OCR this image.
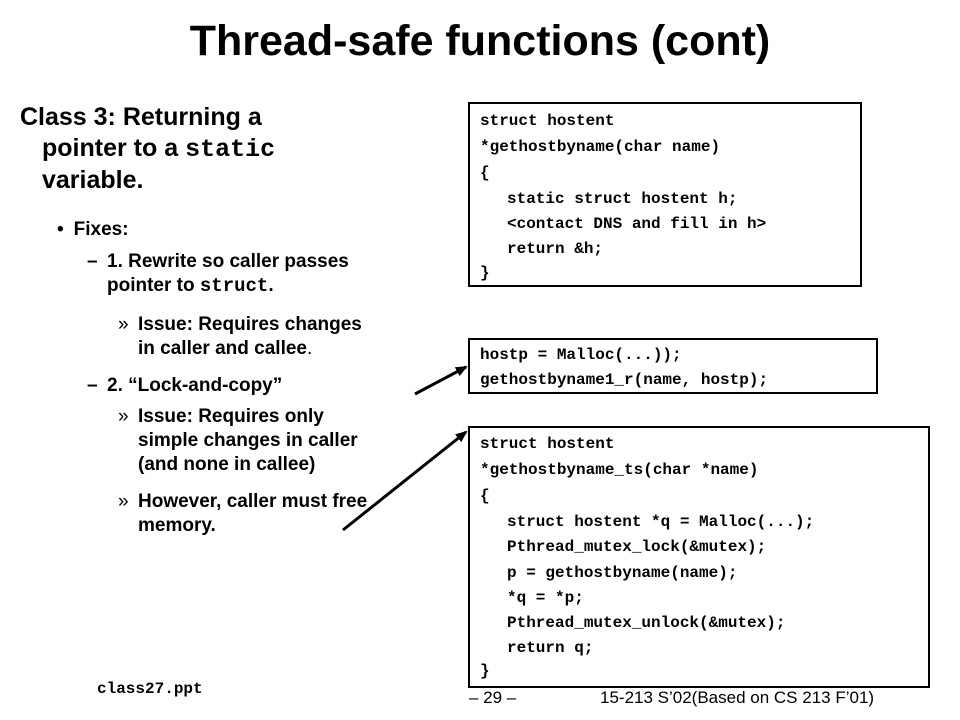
Thread-safe functions (cont)
Class 3: Returning a
pointer to a static
variable.
• Fixes:
– 1. Rewrite so caller passes
pointer to struct.
» Issue: Requires changes
in caller and callee.
– 2. “Lock-and-copy”
» Issue: Requires only
simple changes in caller
(and none in callee)
» However, caller must free
memory.
struct hostent
*gethostbyname(char name)
{
static struct hostent h;
<contact DNS and fill in h>
return &h;
}
hostp = Malloc(...));
gethostbyname1_r(name, hostp);
struct hostent
*gethostbyname_ts(char *name)
{
struct hostent *q = Malloc(...);
Pthread_mutex_lock(&mutex);
p = gethostbyname(name);
*q = *p;
Pthread_mutex_unlock(&mutex);
return q;
}
class27.ppt	– 29 –	15-213 S’02(Based on CS 213 F’01)
